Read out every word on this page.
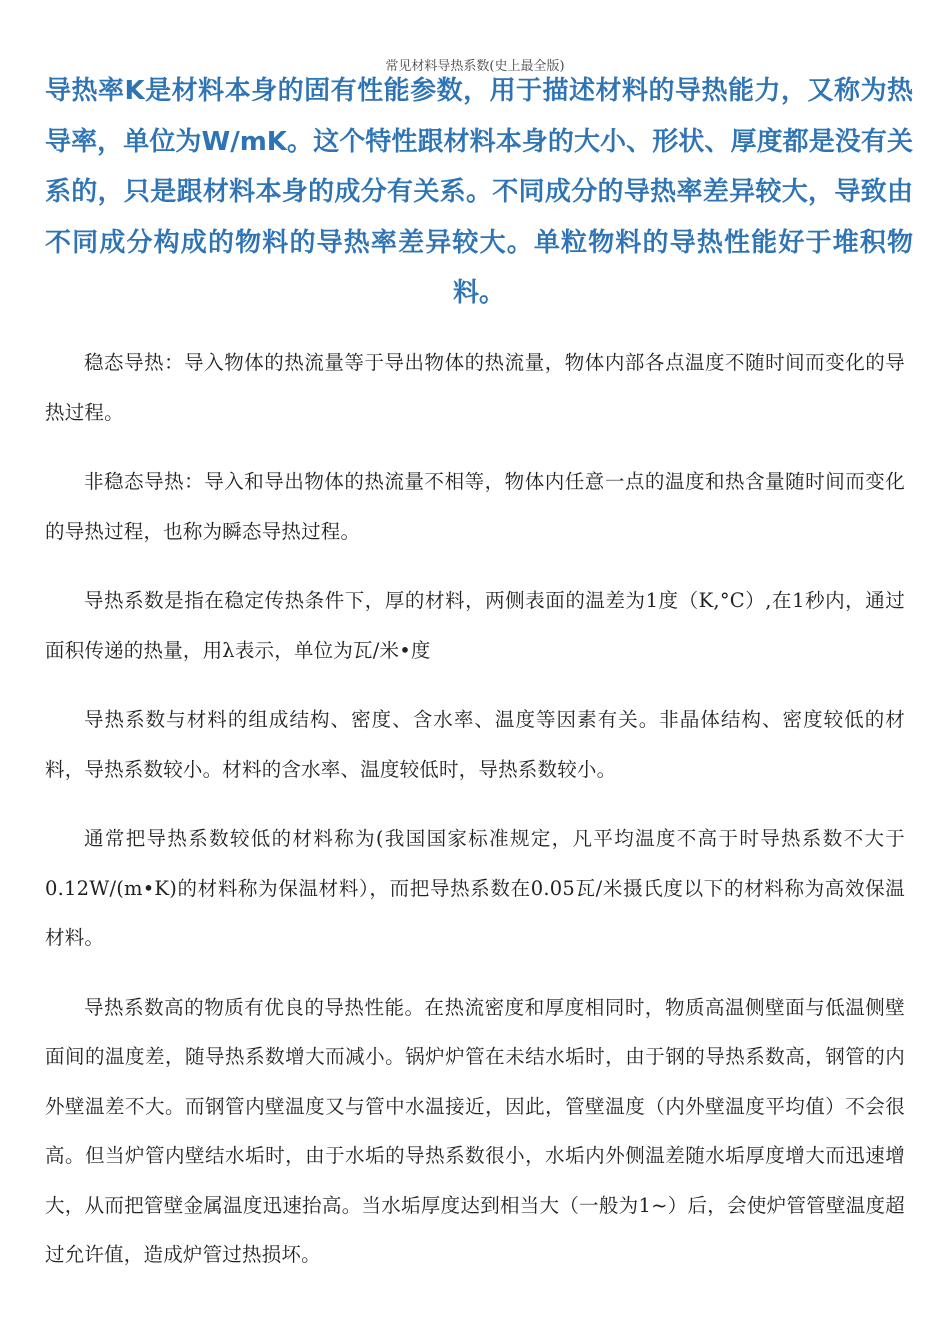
常见材料导热系数(史上最全版)

导热率K是材料本身的固有性能参数，用于描述材料的导热能力，又称为热导率，单位为W/mK。这个特性跟材料本身的大小、形状、厚度都是没有关系的，只是跟材料本身的成分有关系。不同成分的导热率差异较大，导致由不同成分构成的物料的导热率差异较大。单粒物料的导热性能好于堆积物料。

稳态导热：导入物体的热流量等于导出物体的热流量，物体内部各点温度不随时间而变化的导热过程。

非稳态导热：导入和导出物体的热流量不相等，物体内任意一点的温度和热含量随时间而变化的导热过程，也称为瞬态导热过程。

导热系数是指在稳定传热条件下，厚的材料，两侧表面的温差为1度（K,°C）,在1秒内，通过面积传递的热量，用λ表示，单位为瓦/米•度

导热系数与材料的组成结构、密度、含水率、温度等因素有关。非晶体结构、密度较低的材料，导热系数较小。材料的含水率、温度较低时，导热系数较小。

通常把导热系数较低的材料称为(我国国家标准规定，凡平均温度不高于时导热系数不大于0.12W/(m•K)的材料称为保温材料），而把导热系数在0.05瓦/米摄氏度以下的材料称为高效保温材料。

导热系数高的物质有优良的导热性能。在热流密度和厚度相同时，物质高温侧壁面与低温侧壁面间的温度差，随导热系数增大而减小。锅炉炉管在未结水垢时，由于钢的导热系数高，钢管的内外壁温差不大。而钢管内壁温度又与管中水温接近，因此，管壁温度（内外壁温度平均值）不会很高。但当炉管内壁结水垢时，由于水垢的导热系数很小，水垢内外侧温差随水垢厚度增大而迅速增大，从而把管壁金属温度迅速抬高。当水垢厚度达到相当大（一般为1~）后，会使炉管管壁温度超过允许值，造成炉管过热损坏。
